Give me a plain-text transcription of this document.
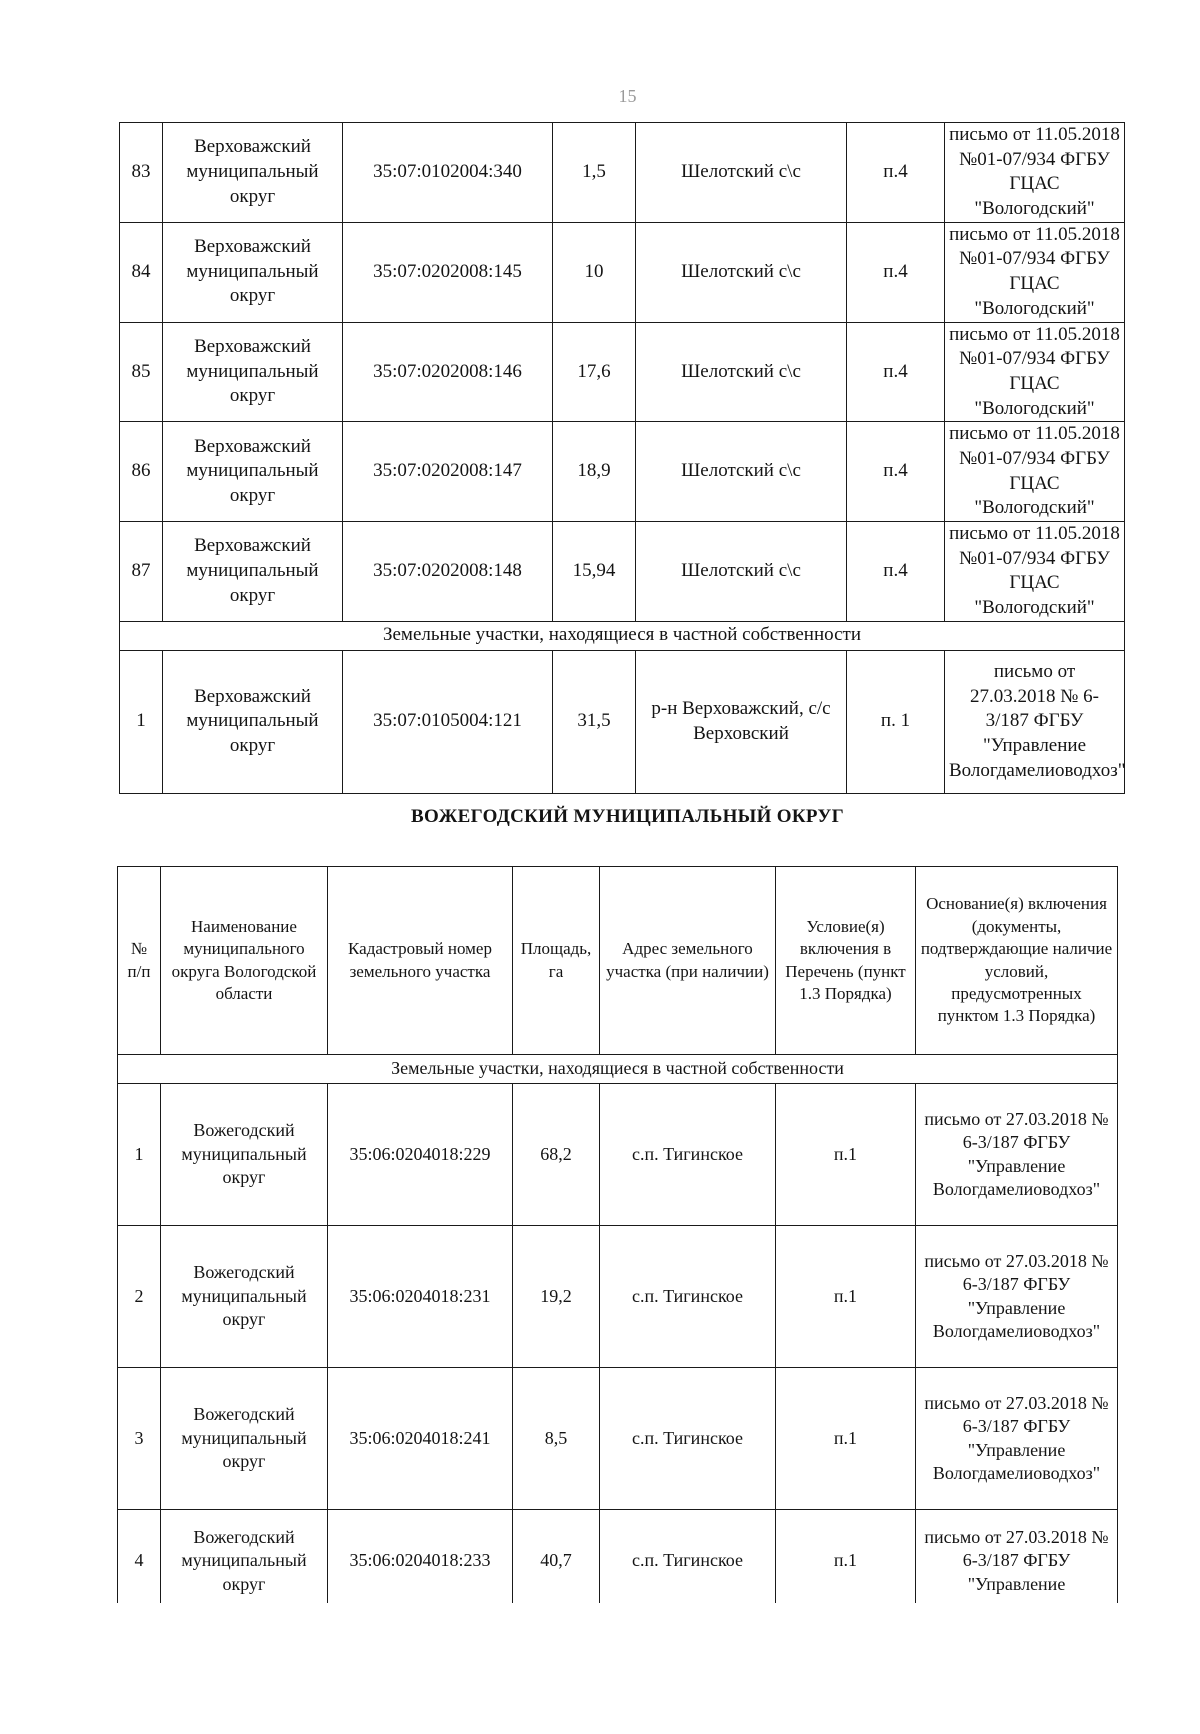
15
83	Верховажский муниципальный округ	35:07:0102004:340	1,5	Шелотский с\с	п.4	письмо от 11.05.2018 №01-07/934 ФГБУ ГЦАС "Вологодский"
84	Верховажский муниципальный округ	35:07:0202008:145	10	Шелотский с\с	п.4	письмо от 11.05.2018 №01-07/934 ФГБУ ГЦАС "Вологодский"
85	Верховажский муниципальный округ	35:07:0202008:146	17,6	Шелотский с\с	п.4	письмо от 11.05.2018 №01-07/934 ФГБУ ГЦАС "Вологодский"
86	Верховажский муниципальный округ	35:07:0202008:147	18,9	Шелотский с\с	п.4	письмо от 11.05.2018 №01-07/934 ФГБУ ГЦАС "Вологодский"
87	Верховажский муниципальный округ	35:07:0202008:148	15,94	Шелотский с\с	п.4	письмо от 11.05.2018 №01-07/934 ФГБУ ГЦАС "Вологодский"
Земельные участки, находящиеся в частной собственности						
1	Верховажский муниципальный округ	35:07:0105004:121	31,5	р-н Верховажский, с/с Верховский	п. 1	письмо от 27.03.2018 № 6-3/187 ФГБУ "Управление Вологдамелиоводхоз"
ВОЖЕГОДСКИЙ МУНИЦИПАЛЬНЫЙ ОКРУГ
№ п/п	Наименование муниципального округа Вологодской области	Кадастровый номер земельного участка	Площадь, га	Адрес земельного участка (при наличии)	Условие(я) включения в Перечень (пункт 1.3 Порядка)	Основание(я) включения (документы, подтверждающие наличие условий, предусмотренных пунктом 1.3 Порядка)
Земельные участки, находящиеся в частной собственности						
1	Вожегодский муниципальный округ	35:06:0204018:229	68,2	с.п. Тигинское	п.1	письмо от 27.03.2018 № 6-3/187 ФГБУ "Управление Вологдамелиоводхоз"
2	Вожегодский муниципальный округ	35:06:0204018:231	19,2	с.п. Тигинское	п.1	письмо от 27.03.2018 № 6-3/187 ФГБУ "Управление Вологдамелиоводхоз"
3	Вожегодский муниципальный округ	35:06:0204018:241	8,5	с.п. Тигинское	п.1	письмо от 27.03.2018 № 6-3/187 ФГБУ "Управление Вологдамелиоводхоз"
4	Вожегодский муниципальный округ	35:06:0204018:233	40,7	с.п. Тигинское	п.1	письмо от 27.03.2018 № 6-3/187 ФГБУ "Управление
